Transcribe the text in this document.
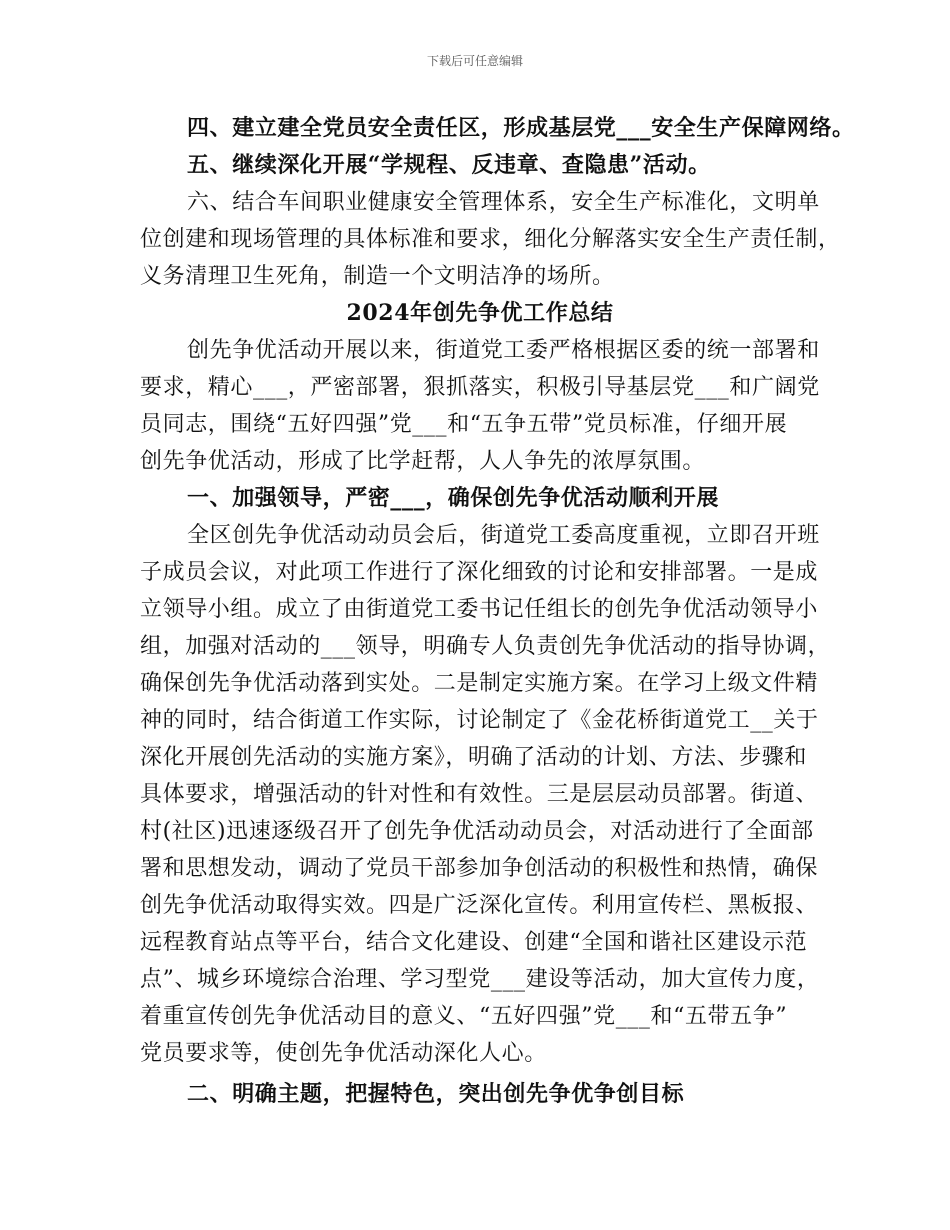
下载后可任意编辑
四、建立建全党员安全责任区，形成基层党___安全生产保障网络。
五、继续深化开展“学规程、反违章、查隐患”活动。
六、结合车间职业健康安全管理体系，安全生产标准化，文明单
位创建和现场管理的具体标准和要求，细化分解落实安全生产责任制，
义务清理卫生死角，制造一个文明洁净的场所。
2024年创先争优工作总结
创先争优活动开展以来，街道党工委严格根据区委的统一部署和
要求，精心___，严密部署，狠抓落实，积极引导基层党___和广阔党
员同志，围绕“五好四强”党___和“五争五带”党员标准，仔细开展
创先争优活动，形成了比学赶帮，人人争先的浓厚氛围。
一、加强领导，严密___，确保创先争优活动顺利开展
全区创先争优活动动员会后，街道党工委高度重视，立即召开班
子成员会议，对此项工作进行了深化细致的讨论和安排部署。一是成
立领导小组。成立了由街道党工委书记任组长的创先争优活动领导小
组，加强对活动的___领导，明确专人负责创先争优活动的指导协调，
确保创先争优活动落到实处。二是制定实施方案。在学习上级文件精
神的同时，结合街道工作实际，讨论制定了《金花桥街道党工__关于
深化开展创先活动的实施方案》，明确了活动的计划、方法、步骤和
具体要求，增强活动的针对性和有效性。三是层层动员部署。街道、
村(社区)迅速逐级召开了创先争优活动动员会，对活动进行了全面部
署和思想发动，调动了党员干部参加争创活动的积极性和热情，确保
创先争优活动取得实效。四是广泛深化宣传。利用宣传栏、黑板报、
远程教育站点等平台，结合文化建设、创建“全国和谐社区建设示范
点”、城乡环境综合治理、学习型党___建设等活动，加大宣传力度，
着重宣传创先争优活动目的意义、“五好四强”党___和“五带五争”
党员要求等，使创先争优活动深化人心。
二、明确主题，把握特色，突出创先争优争创目标
